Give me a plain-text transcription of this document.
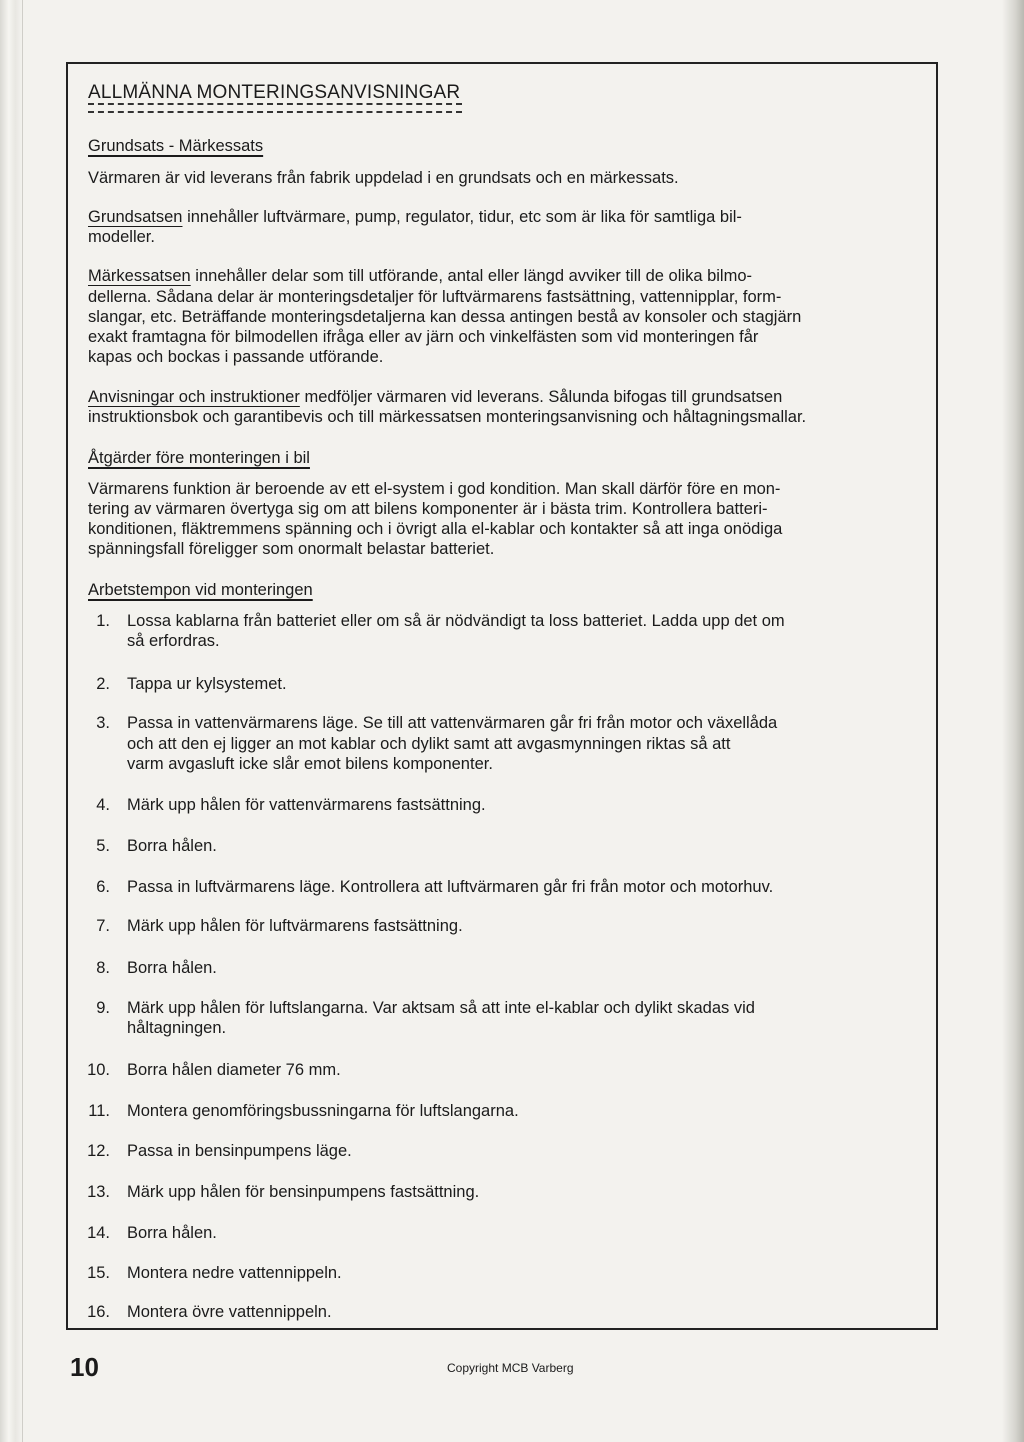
ALLMÄNNA MONTERINGSANVISNINGAR
Grundsats - Märkessats
Värmaren är vid leverans från fabrik uppdelad i en grundsats och en märkessats.
Grundsatsen innehåller luftvärmare, pump, regulator, tidur, etc som är lika för samtliga bil-
modeller.
Märkessatsen innehåller delar som till utförande, antal eller längd avviker till de olika bilmo-
dellerna. Sådana delar är monteringsdetaljer för luftvärmarens fastsättning, vattennipplar, form-
slangar, etc. Beträffande monteringsdetaljerna kan dessa antingen bestå av konsoler och stagjärn
exakt framtagna för bilmodellen ifråga eller av järn och vinkelfästen som vid monteringen får
kapas och bockas i passande utförande.
Anvisningar och instruktioner medföljer värmaren vid leverans. Sålunda bifogas till grundsatsen
instruktionsbok och garantibevis och till märkessatsen monteringsanvisning och håltagningsmallar.
Åtgärder före monteringen i bil
Värmarens funktion är beroende av ett el-system i god kondition. Man skall därför före en mon-
tering av värmaren övertyga sig om att bilens komponenter är i bästa trim. Kontrollera batteri-
konditionen, fläktremmens spänning och i övrigt alla el-kablar och kontakter så att inga onödiga
spänningsfall föreligger som onormalt belastar batteriet.
Arbetstempon vid monteringen
1. Lossa kablarna från batteriet eller om så är nödvändigt ta loss batteriet. Ladda upp det om
så erfordras.
2. Tappa ur kylsystemet.
3. Passa in vattenvärmarens läge. Se till att vattenvärmaren går fri från motor och växellåda
och att den ej ligger an mot kablar och dylikt samt att avgasmynningen riktas så att
varm avgasluft icke slår emot bilens komponenter.
4. Märk upp hålen för vattenvärmarens fastsättning.
5. Borra hålen.
6. Passa in luftvärmarens läge. Kontrollera att luftvärmaren går fri från motor och motorhuv.
7. Märk upp hålen för luftvärmarens fastsättning.
8. Borra hålen.
9. Märk upp hålen för luftslangarna. Var aktsam så att inte el-kablar och dylikt skadas vid
håltagningen.
10. Borra hålen diameter 76 mm.
11. Montera genomföringsbussningarna för luftslangarna.
12. Passa in bensinpumpens läge.
13. Märk upp hålen för bensinpumpens fastsättning.
14. Borra hålen.
15. Montera nedre vattennippeln.
16. Montera övre vattennippeln.
10	Copyright MCB Varberg
